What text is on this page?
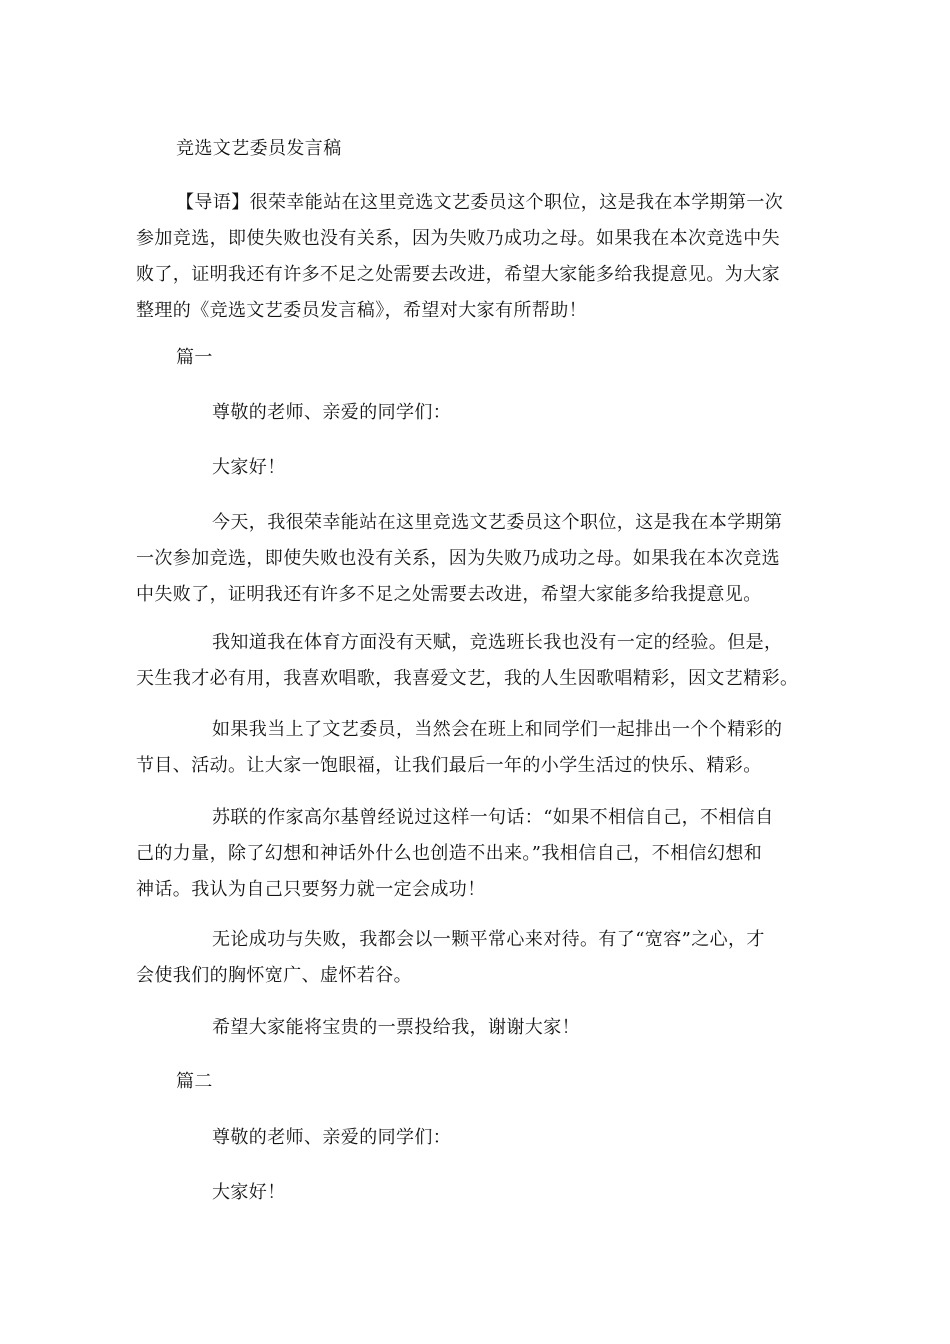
竞选文艺委员发言稿
【导语】很荣幸能站在这里竞选文艺委员这个职位，这是我在本学期第一次
参加竞选，即使失败也没有关系，因为失败乃成功之母。如果我在本次竞选中失
败了，证明我还有许多不足之处需要去改进，希望大家能多给我提意见。为大家
整理的《竞选文艺委员发言稿》，希望对大家有所帮助！
篇一
尊敬的老师、亲爱的同学们：
大家好！
今天，我很荣幸能站在这里竞选文艺委员这个职位，这是我在本学期第
一次参加竞选，即使失败也没有关系，因为失败乃成功之母。如果我在本次竞选
中失败了，证明我还有许多不足之处需要去改进，希望大家能多给我提意见。
我知道我在体育方面没有天赋，竞选班长我也没有一定的经验。但是，
天生我才必有用，我喜欢唱歌，我喜爱文艺，我的人生因歌唱精彩，因文艺精彩。
如果我当上了文艺委员，当然会在班上和同学们一起排出一个个精彩的
节目、活动。让大家一饱眼福，让我们最后一年的小学生活过的快乐、精彩。
苏联的作家高尔基曾经说过这样一句话：“如果不相信自己，不相信自
己的力量，除了幻想和神话外什么也创造不出来。”我相信自己，不相信幻想和
神话。我认为自己只要努力就一定会成功！
无论成功与失败，我都会以一颗平常心来对待。有了“宽容”之心，才
会使我们的胸怀宽广、虚怀若谷。
希望大家能将宝贵的一票投给我，谢谢大家！
篇二
尊敬的老师、亲爱的同学们：
大家好！
